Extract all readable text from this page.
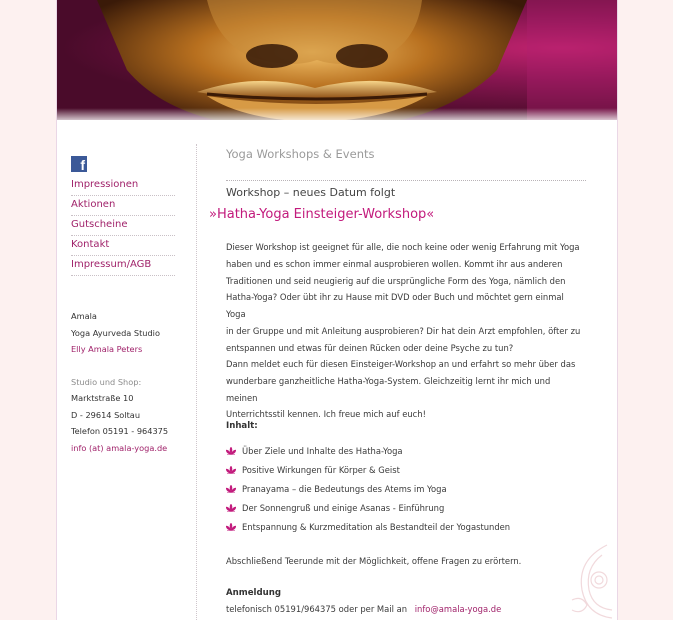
f
Impressionen
Aktionen
Gutscheine
Kontakt
Impressum/AGB
Amala
Yoga Ayurveda Studio
Elly Amala Peters
Studio und Shop:
Marktstraße 10
D - 29614 Soltau
Telefon 05191 - 964375
info (at) amala-yoga.de
Yoga Workshops & Events
Workshop – neues Datum folgt
»Hatha-Yoga Einsteiger-Workshop«
Dieser Workshop ist geeignet für alle, die noch keine oder wenig Erfahrung mit Yoga
haben und es schon immer einmal ausprobieren wollen. Kommt ihr aus anderen
Traditionen und seid neugierig auf die ursprüngliche Form des Yoga, nämlich den
Hatha-Yoga? Oder übt ihr zu Hause mit DVD oder Buch und möchtet gern einmal Yoga
in der Gruppe und mit Anleitung ausprobieren? Dir hat dein Arzt empfohlen, öfter zu
entspannen und etwas für deinen Rücken oder deine Psyche zu tun?
Dann meldet euch für diesen Einsteiger-Workshop an und erfahrt so mehr über das
wunderbare ganzheitliche Hatha-Yoga-System. Gleichzeitig lernt ihr mich und meinen
Unterrichtsstil kennen. Ich freue mich auf euch!
Inhalt:
Über Ziele und Inhalte des Hatha-Yoga
Positive Wirkungen für Körper & Geist
Pranayama – die Bedeutungs des Atems im Yoga
Der Sonnengruß und einige Asanas - Einführung
Entspannung & Kurzmeditation als Bestandteil der Yogastunden
Abschließend Teerunde mit der Möglichkeit, offene Fragen zu erörtern.
Anmeldung
telefonisch 05191/964375 oder per Mail an info@amala-yoga.de
